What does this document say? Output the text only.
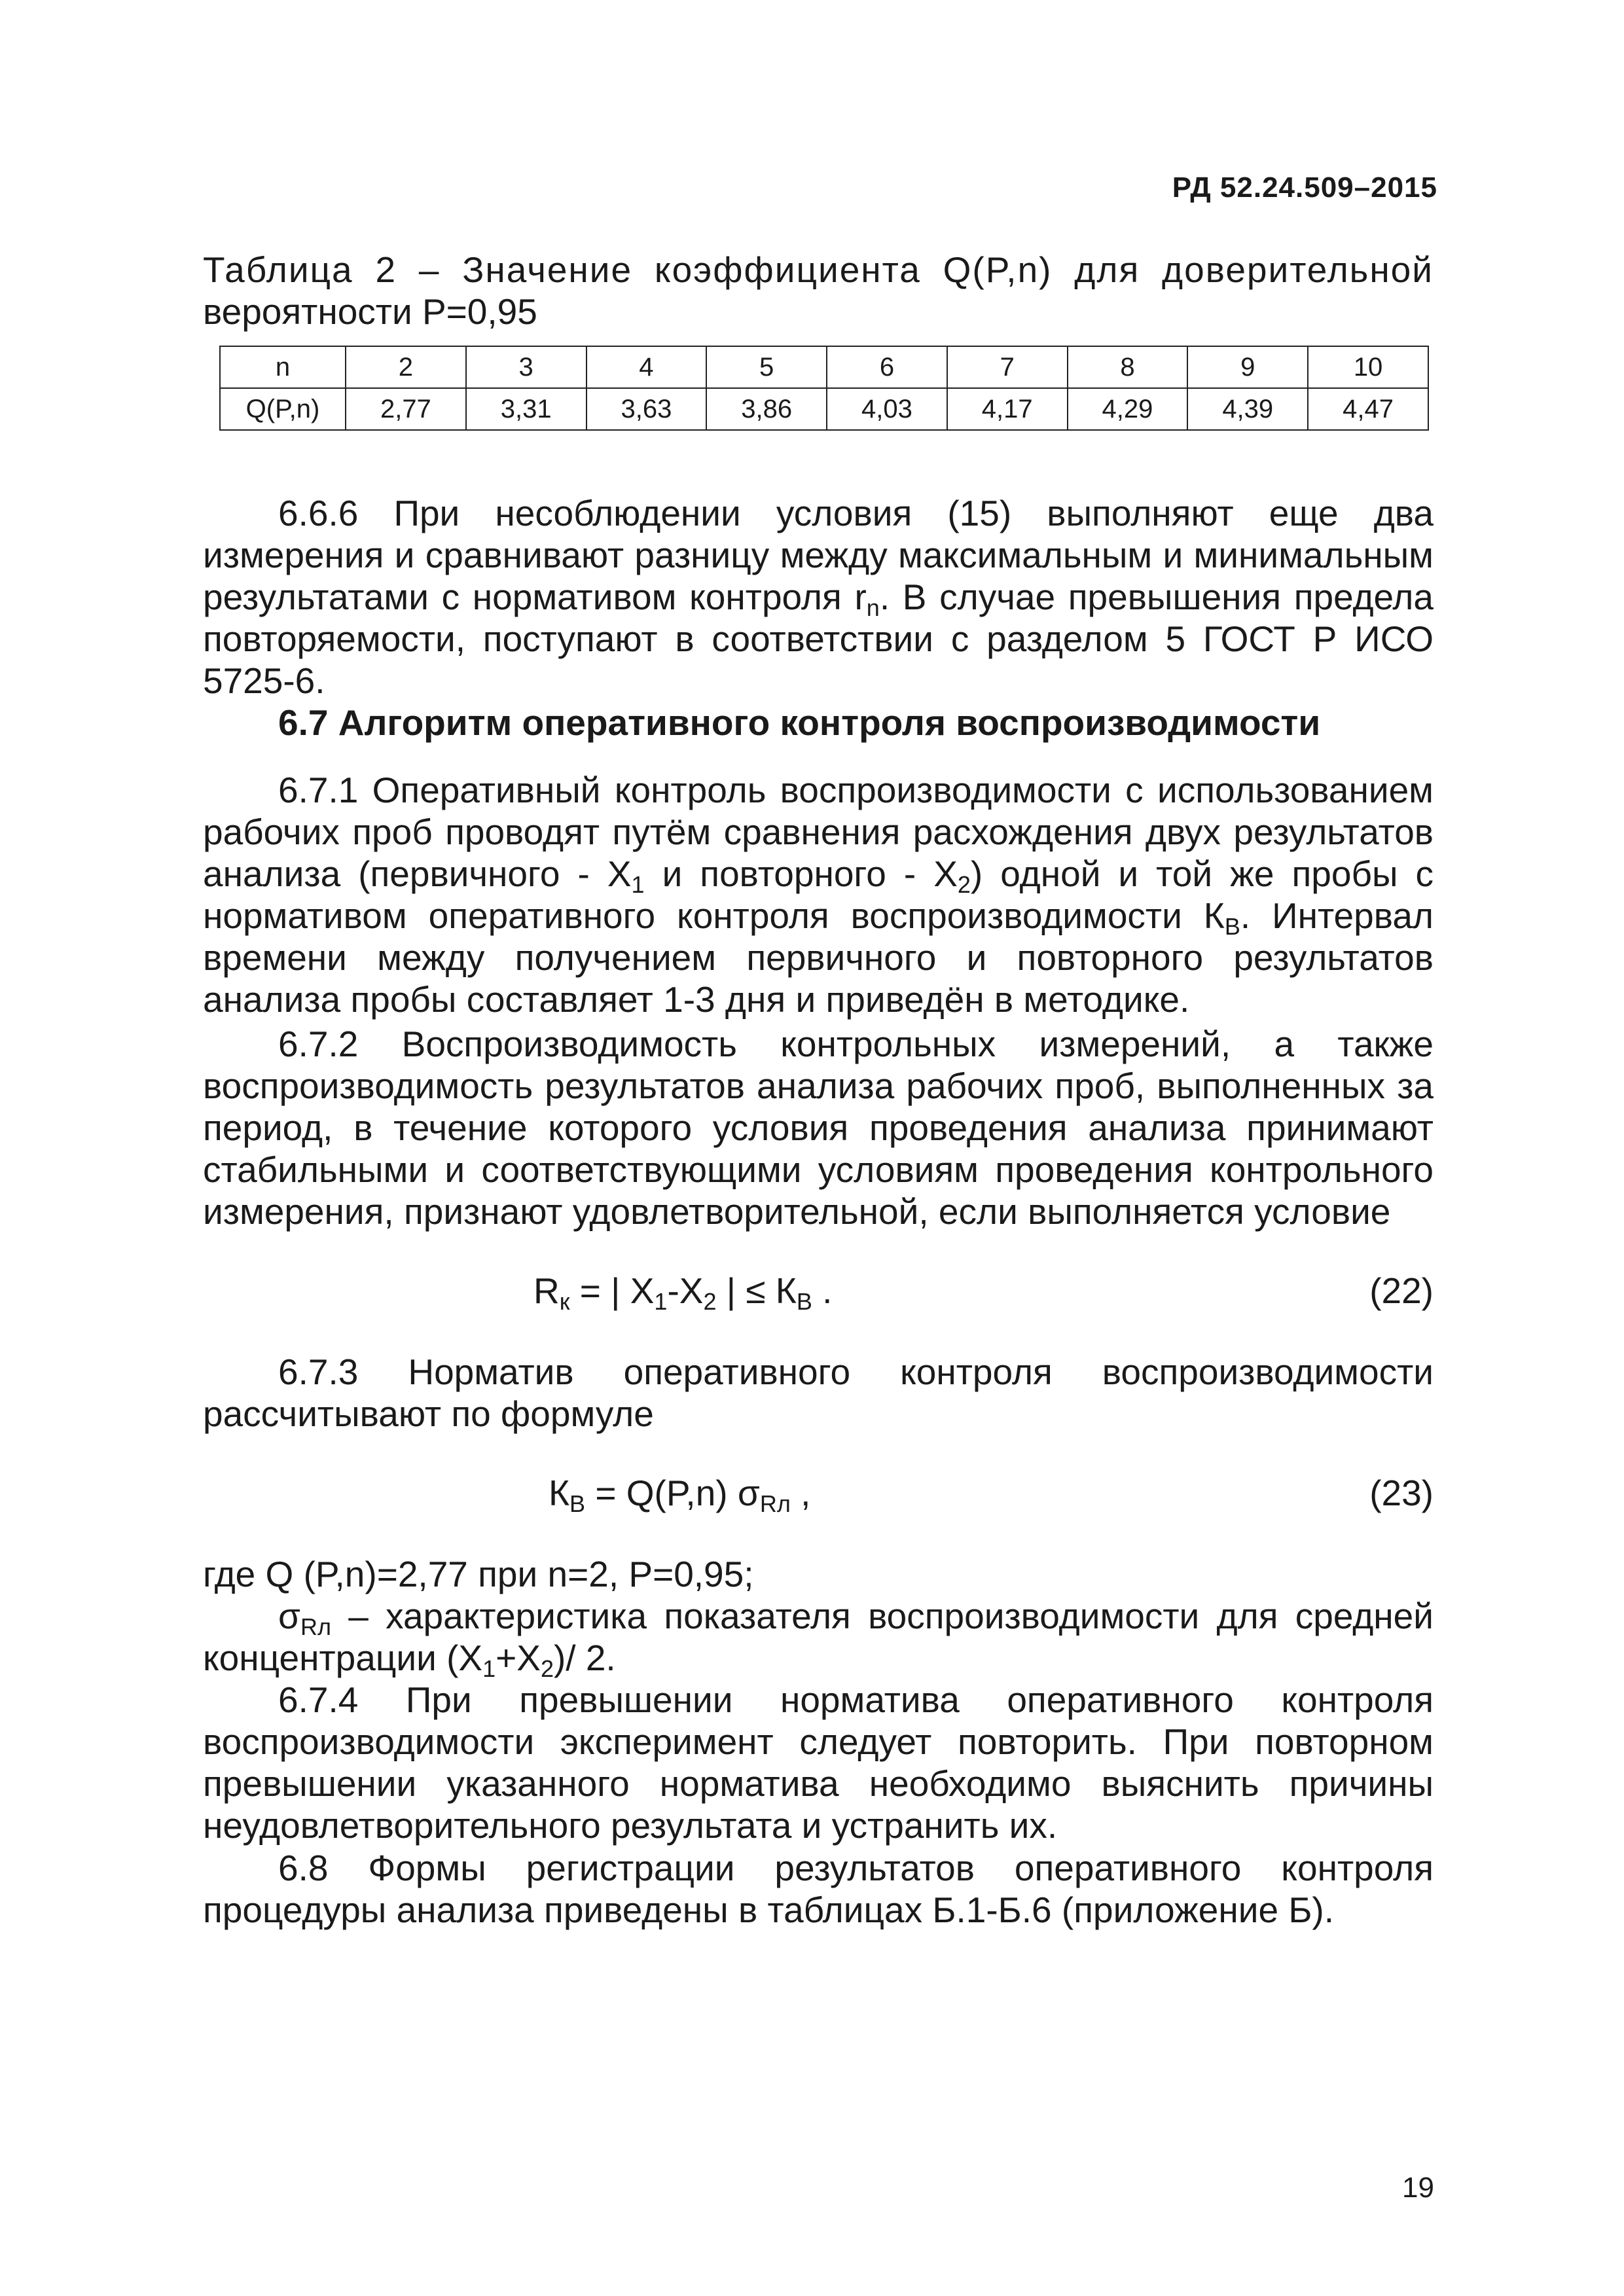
РД 52.24.509–2015
Таблица 2 – Значение коэффициента Q(P,n) для доверительной
вероятности Р=0,95
n	2	3	4	5	6	7	8	9	10
Q(P,n)	2,77	3,31	3,63	3,86	4,03	4,17	4,29	4,39	4,47
6.6.6 При несоблюдении условия (15) выполняют еще два измерения и сравнивают разницу между максимальным и минимальным результатами с нормативом контроля $r_n$. В случае превышения предела повторяемости, поступают в соответствии с разделом 5 ГОСТ Р ИСО 5725-6.
6.7 Алгоритм оперативного контроля воспроизводимости
6.7.1 Оперативный контроль воспроизводимости с использованием рабочих проб проводят путём сравнения расхождения двух результатов анализа (первичного - $Х_1$ и повторного - $Х_2$) одной и той же пробы с нормативом оперативного контроля воспроизводимости $К_В$. Интервал времени между получением первичного и повторного результатов анализа пробы составляет 1-3 дня и приведён в методике.
6.7.2 Воспроизводимость контрольных измерений, а также воспроизводимость результатов анализа рабочих проб, выполненных за период, в течение которого условия проведения анализа принимают стабильными и соответствующими условиям проведения контрольного измерения, признают удовлетворительной, если выполняется условие
$R_к$ = | $Х_1-Х_2$ | ≤ $К_В$ .	(22)
6.7.3 Норматив оперативного контроля воспроизводимости рассчитывают по формуле
$К_В = Q(P,n)$ $\sigma_{Rл}$ ,	(23)
где Q (P,n)=2,77 при n=2, Р=0,95;
$\sigma_{Rл}$ – характеристика показателя воспроизводимости для средней концентрации $(Х_1+Х_2)/$ 2.
6.7.4 При превышении норматива оперативного контроля воспроизводимости эксперимент следует повторить. При повторном превышении указанного норматива необходимо выяснить причины неудовлетворительного результата и устранить их.
6.8 Формы регистрации результатов оперативного контроля процедуры анализа приведены в таблицах Б.1-Б.6 (приложение Б).
19
